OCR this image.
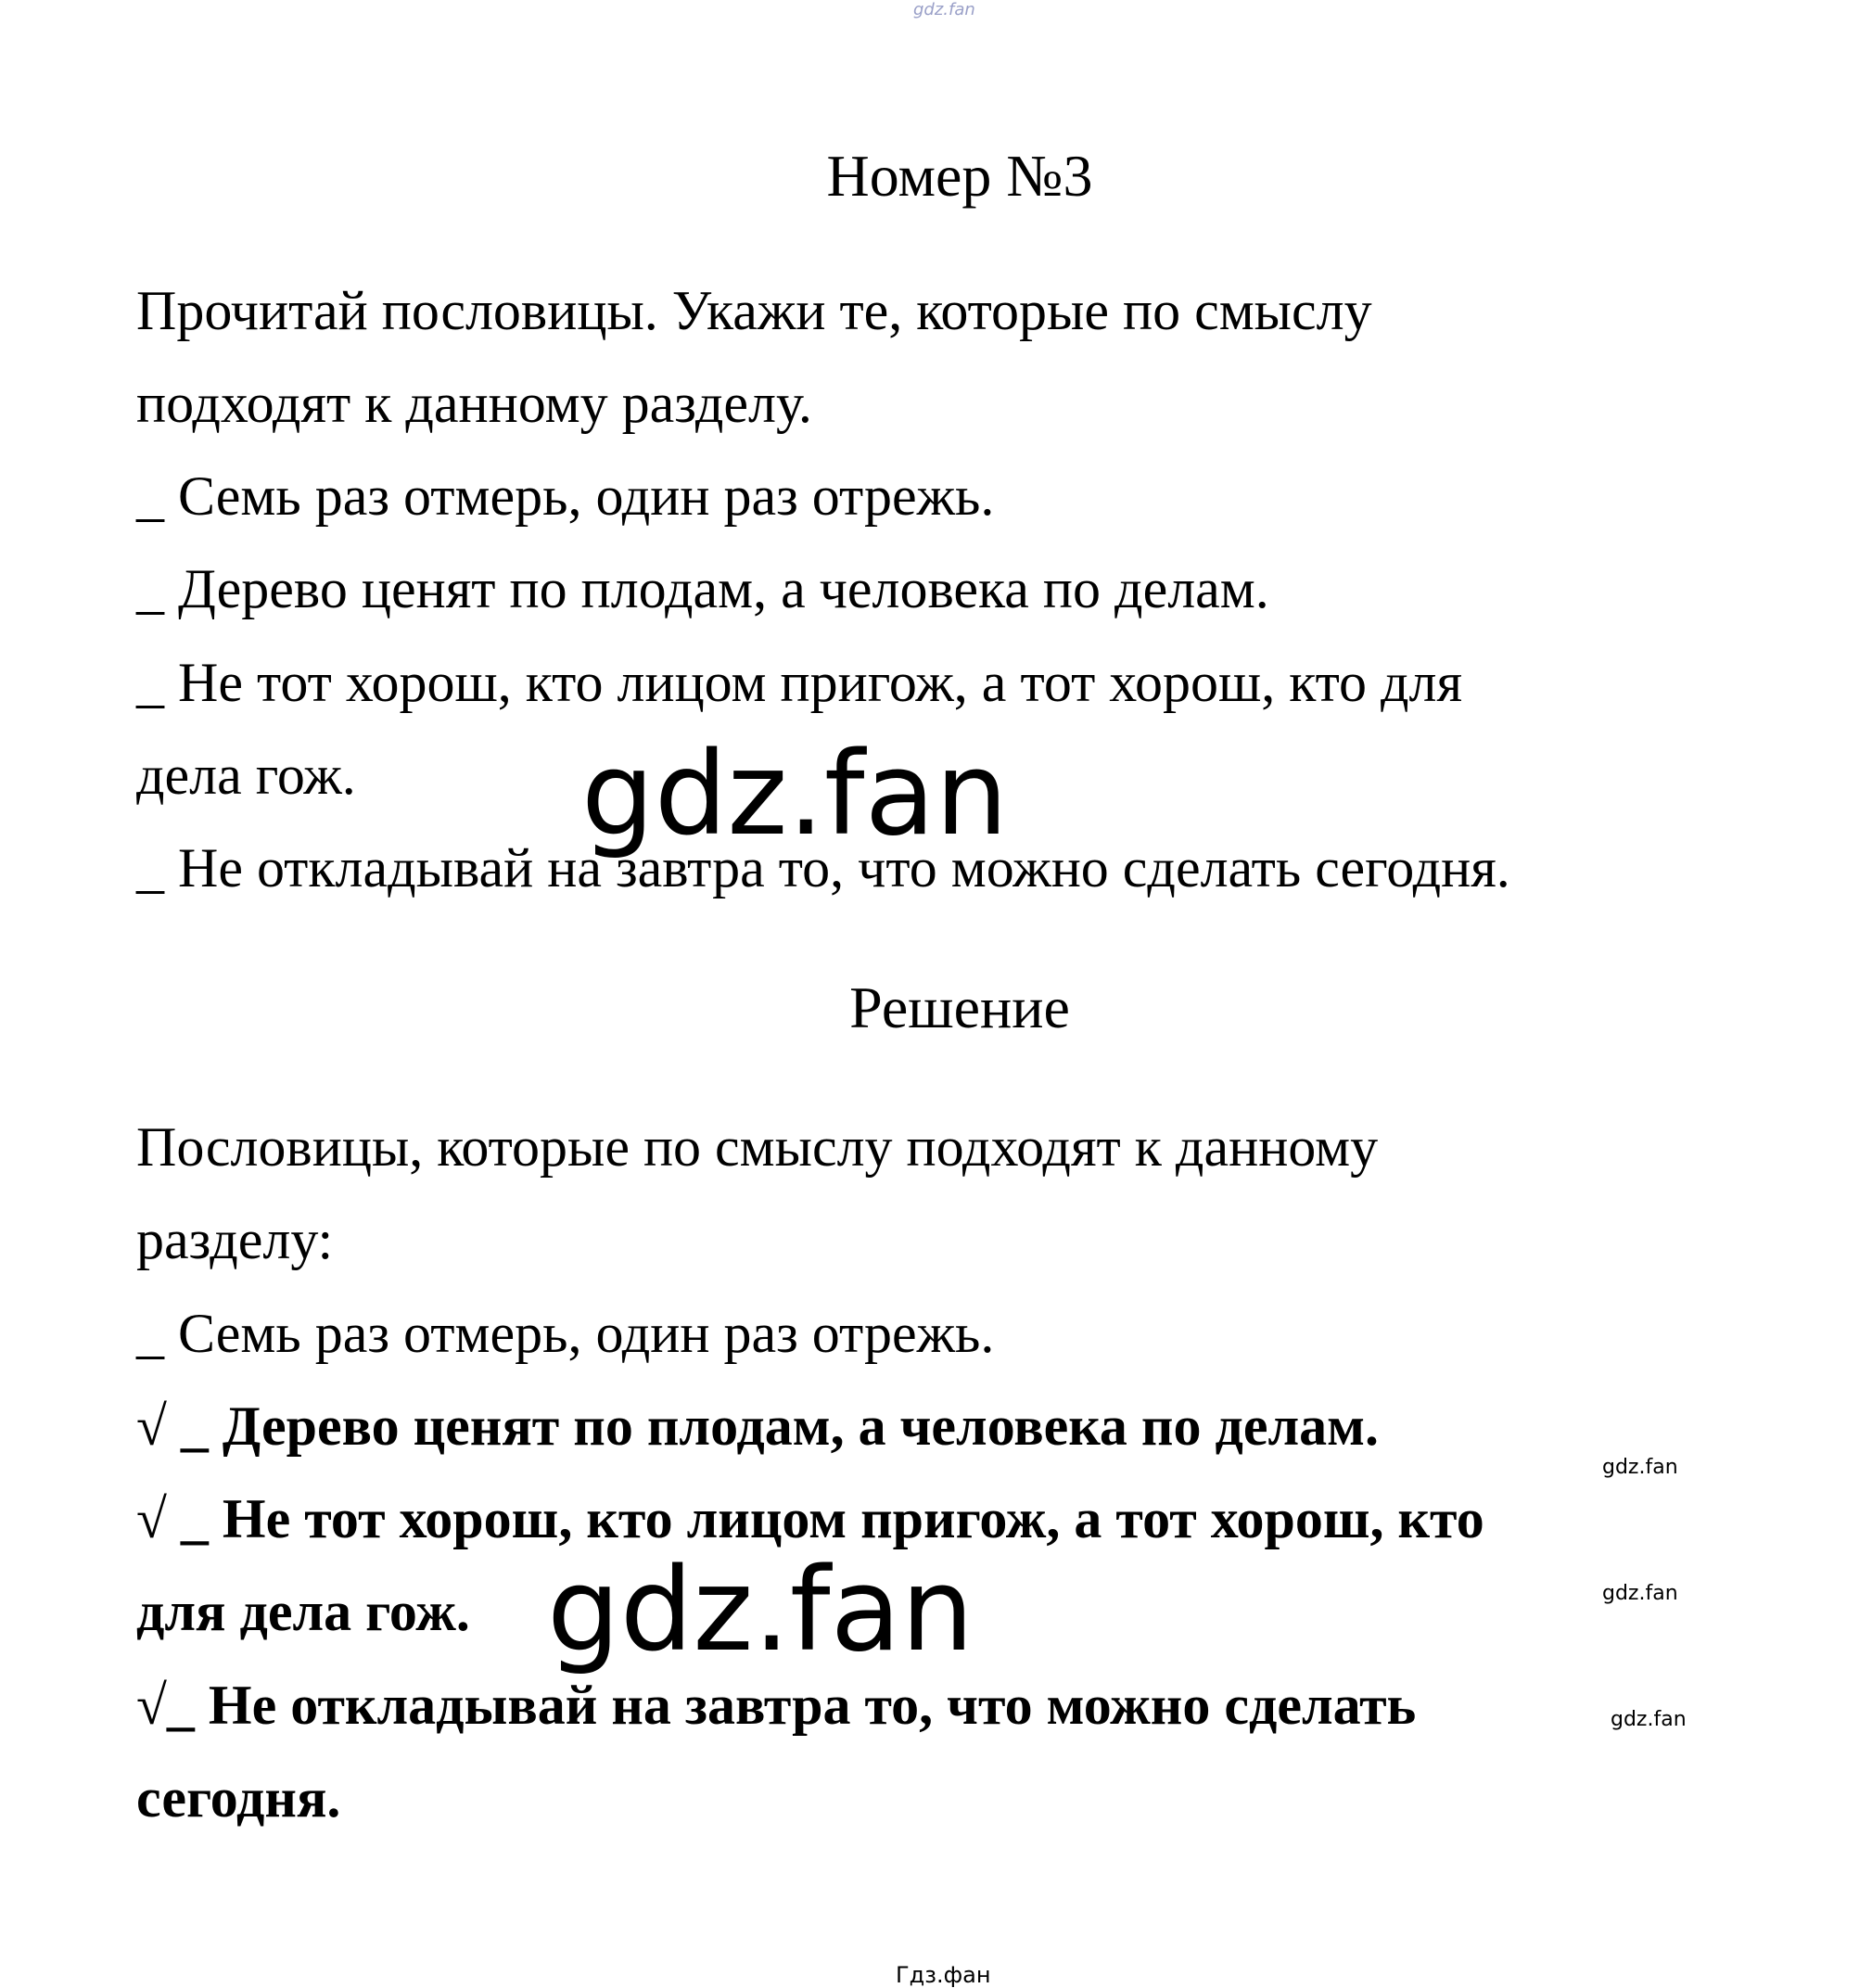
gdz.fan
Номер №3
Прочитай пословицы. Укажи те, которые по смыслу
подходят к данному разделу.
_ Семь раз отмерь, один раз отрежь.
_ Дерево ценят по плодам, а человека по делам.
_ Не тот хорош, кто лицом пригож, а тот хорош, кто для
дела гож.
_ Не откладывай на завтра то, что можно сделать сегодня.
gdz.fan
Решение
Пословицы, которые по смыслу подходят к данному
разделу:
_ Семь раз отмерь, один раз отрежь.
√ _ Дерево ценят по плодам, а человека по делам.
√ _ Не тот хорош, кто лицом пригож, а тот хорош, кто
для дела гож.
√_ Не откладывай на завтра то, что можно сделать
сегодня.
gdz.fan
gdz.fan
gdz.fan
gdz.fan
Гдз.фан
